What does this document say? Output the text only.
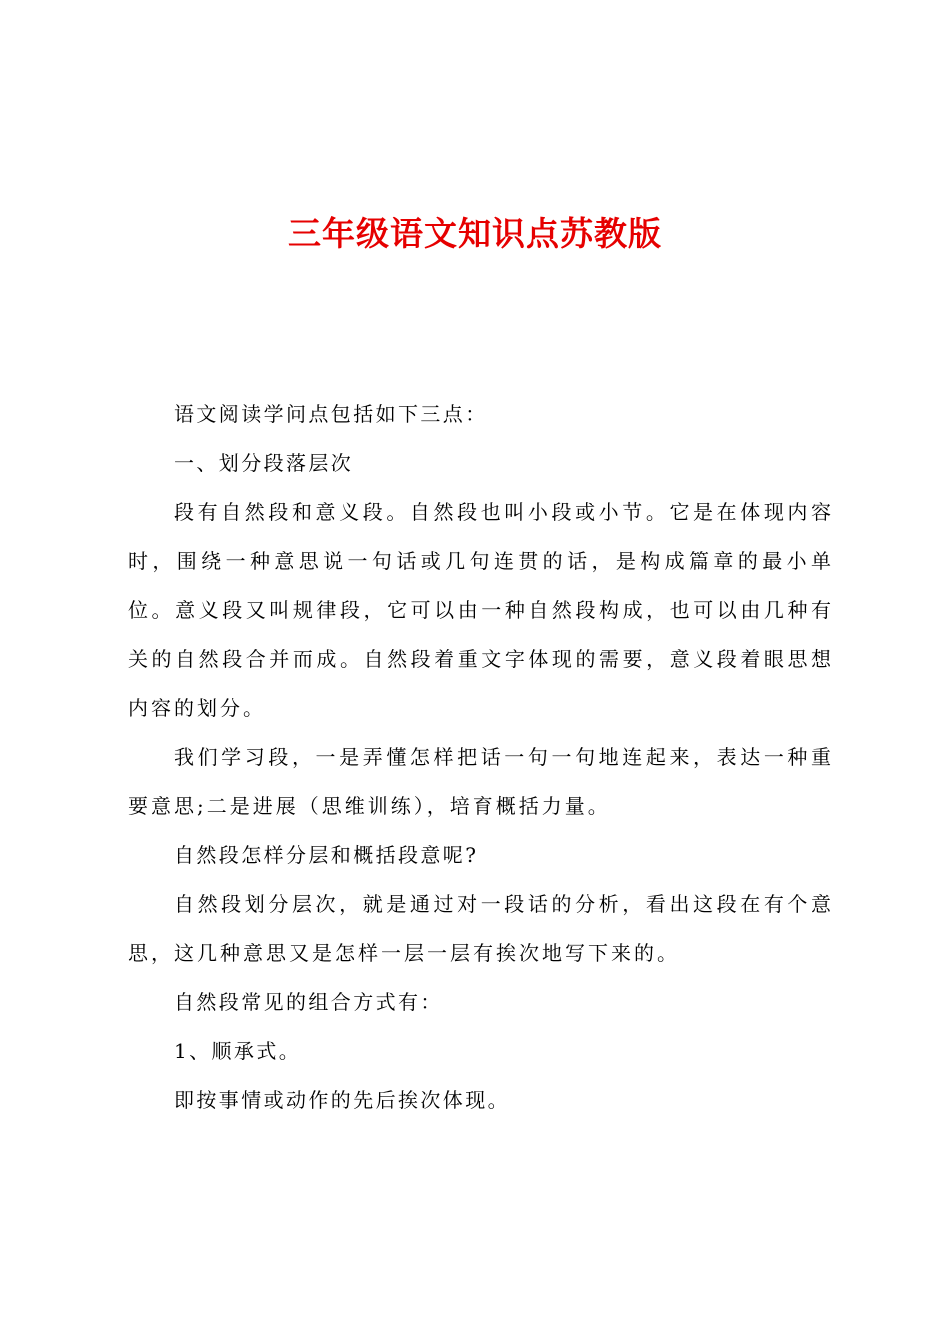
三年级语文知识点苏教版

语文阅读学问点包括如下三点：

一、划分段落层次

段有自然段和意义段。自然段也叫小段或小节。它是在体现内容时，围绕一种意思说一句话或几句连贯的话，是构成篇章的最小单位。意义段又叫规律段，它可以由一种自然段构成，也可以由几种有关的自然段合并而成。自然段着重文字体现的需要，意义段着眼思想内容的划分。

我们学习段，一是弄懂怎样把话一句一句地连起来，表达一种重要意思;二是进展（思维训练），培育概括力量。

自然段怎样分层和概括段意呢?

自然段划分层次，就是通过对一段话的分析，看出这段在有个意思，这几种意思又是怎样一层一层有挨次地写下来的。

自然段常见的组合方式有：

1、顺承式。

即按事情或动作的先后挨次体现。
